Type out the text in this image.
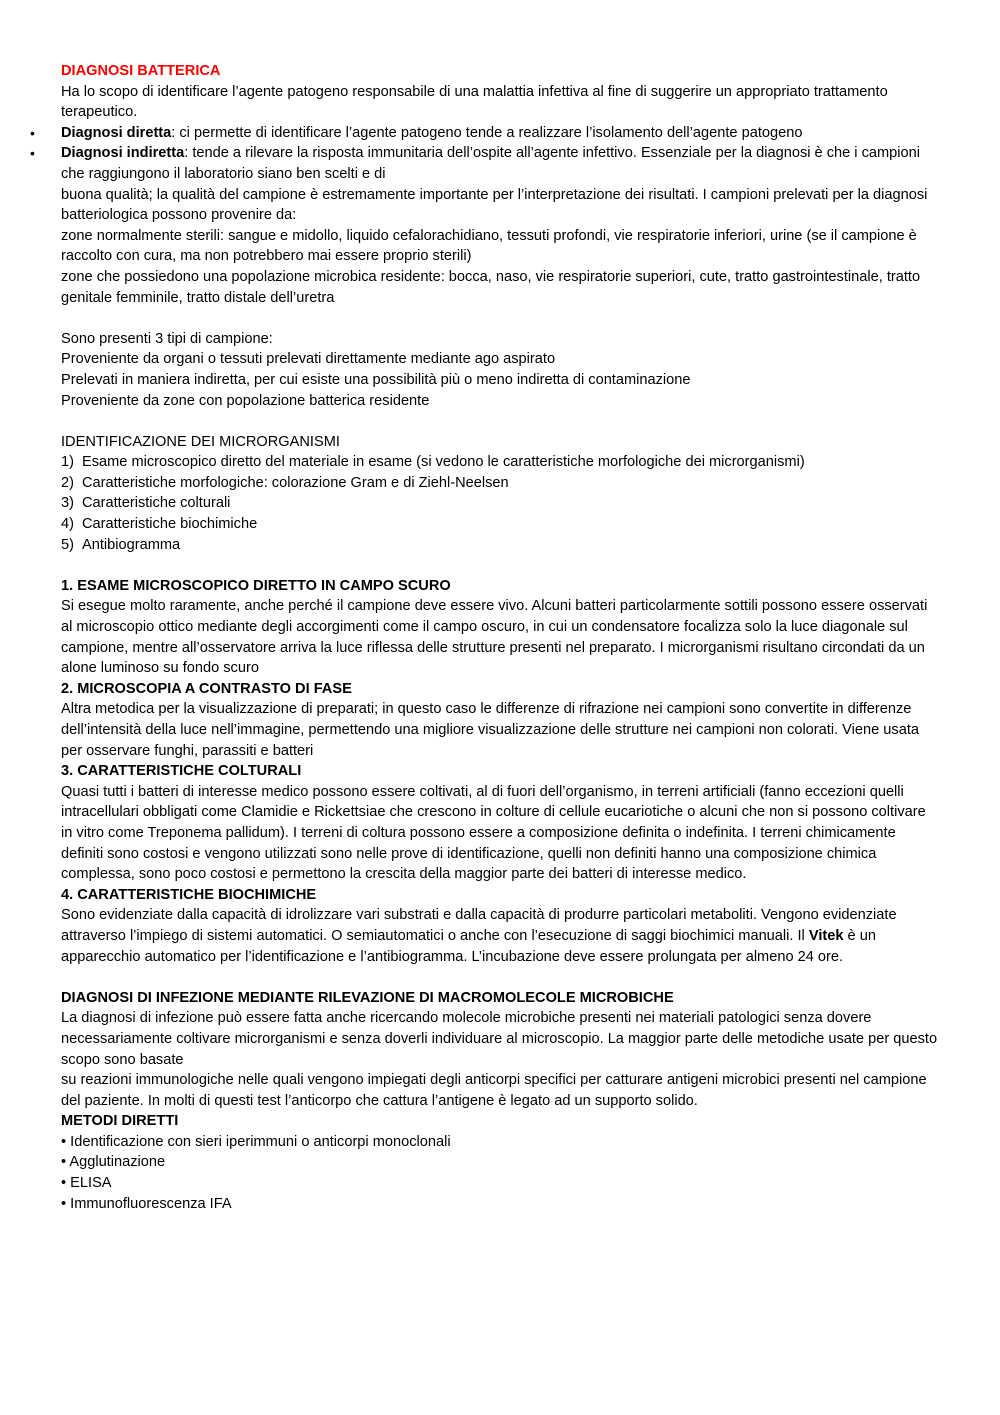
DIAGNOSI BATTERICA

Ha lo scopo di identificare l’agente patogeno responsabile di una malattia infettiva al fine di suggerire un appropriato trattamento terapeutico.

• Diagnosi diretta: ci permette di identificare l’agente patogeno tende a realizzare l’isolamento dell’agente patogeno

• Diagnosi indiretta: tende a rilevare la risposta immunitaria dell’ospite all’agente infettivo. Essenziale per la diagnosi è che i campioni che raggiungono il laboratorio siano ben scelti e di

buona qualità; la qualità del campione è estremamente importante per l’interpretazione dei risultati. I campioni prelevati per la diagnosi batteriologica possono provenire da:

zone normalmente sterili: sangue e midollo, liquido cefalorachidiano, tessuti profondi, vie respiratorie inferiori, urine (se il campione è raccolto con cura, ma non potrebbero mai essere proprio sterili)

zone che possiedono una popolazione microbica residente: bocca, naso, vie respiratorie superiori, cute, tratto gastrointestinale, tratto genitale femminile, tratto distale dell’uretra

Sono presenti 3 tipi di campione:

Proveniente da organi o tessuti prelevati direttamente mediante ago aspirato

Prelevati in maniera indiretta, per cui esiste una possibilità più o meno indiretta di contaminazione

Proveniente da zone con popolazione batterica residente

IDENTIFICAZIONE DEI MICRORGANISMI

1) Esame microscopico diretto del materiale in esame (si vedono le caratteristiche morfologiche dei microrganismi)
2) Caratteristiche morfologiche: colorazione Gram e di Ziehl-Neelsen
3) Caratteristiche colturali
4) Caratteristiche biochimiche
5) Antibiogramma

1. ESAME MICROSCOPICO DIRETTO IN CAMPO SCURO

Si esegue molto raramente, anche perché il campione deve essere vivo. Alcuni batteri particolarmente sottili possono essere osservati al microscopio ottico mediante degli accorgimenti come il campo oscuro, in cui un condensatore focalizza solo la luce diagonale sul campione, mentre all’osservatore arriva la luce riflessa delle strutture presenti nel preparato. I microrganismi risultano circondati da un alone luminoso su fondo scuro

2. MICROSCOPIA A CONTRASTO DI FASE

Altra metodica per la visualizzazione di preparati; in questo caso le differenze di rifrazione nei campioni sono convertite in differenze dell’intensità della luce nell’immagine, permettendo una migliore visualizzazione delle strutture nei campioni non colorati. Viene usata per osservare funghi, parassiti e batteri

3. CARATTERISTICHE COLTURALI

Quasi tutti i batteri di interesse medico possono essere coltivati, al di fuori dell’organismo, in terreni artificiali (fanno eccezioni quelli intracellulari obbligati come Clamidie e Rickettsiae che crescono in colture di cellule eucariotiche o alcuni che non si possono coltivare in vitro come Treponema pallidum). I terreni di coltura possono essere a composizione definita o indefinita. I terreni chimicamente definiti sono costosi e vengono utilizzati sono nelle prove di identificazione, quelli non definiti hanno una composizione chimica complessa, sono poco costosi e permettono la crescita della maggior parte dei batteri di interesse medico.

4. CARATTERISTICHE BIOCHIMICHE

Sono evidenziate dalla capacità di idrolizzare vari substrati e dalla capacità di produrre particolari metaboliti. Vengono evidenziate attraverso l’impiego di sistemi automatici. O semiautomatici o anche con l’esecuzione di saggi biochimici manuali. Il Vitek è un apparecchio automatico per l’identificazione e l’antibiogramma. L’incubazione deve essere prolungata per almeno 24 ore.

DIAGNOSI DI INFEZIONE MEDIANTE RILEVAZIONE DI MACROMOLECOLE MICROBICHE

La diagnosi di infezione può essere fatta anche ricercando molecole microbiche presenti nei materiali patologici senza dovere necessariamente coltivare microrganismi e senza doverli individuare al microscopio. La maggior parte delle metodiche usate per questo scopo sono basate

su reazioni immunologiche nelle quali vengono impiegati degli anticorpi specifici per catturare antigeni microbici presenti nel campione del paziente. In molti di questi test l’anticorpo che cattura l’antigene è legato ad un supporto solido.

METODI DIRETTI

• Identificazione con sieri iperimmuni o anticorpi monoclonali

• Agglutinazione

• ELISA

• Immunofluorescenza IFA
